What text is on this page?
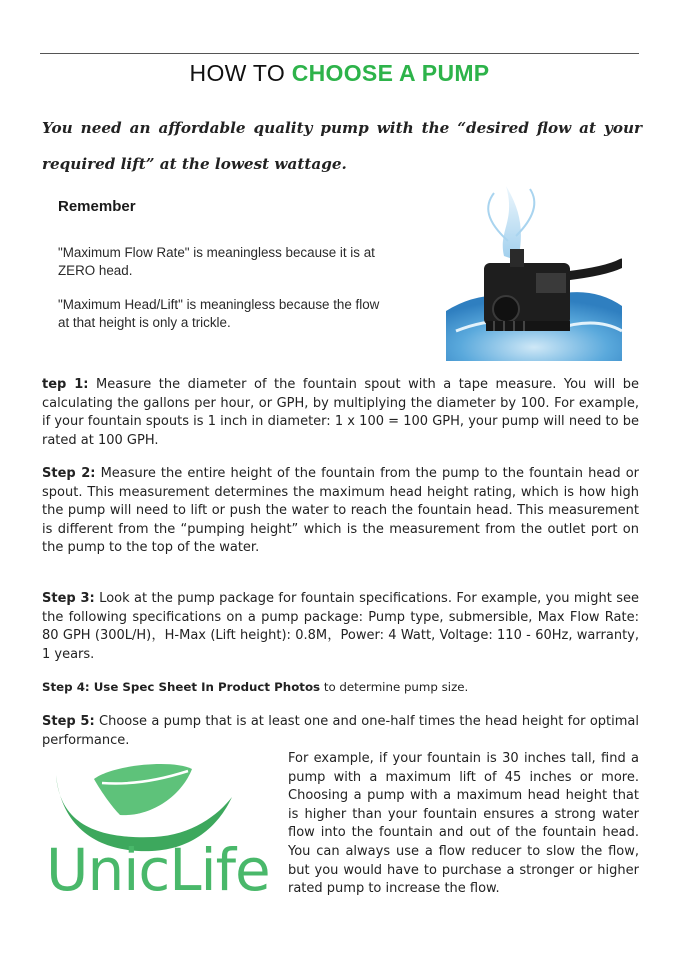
HOW TO CHOOSE A PUMP
You need an affordable quality pump with the “desired flow at your required lift” at the lowest wattage.
Remember
"Maximum Flow Rate" is meaningless because it is at ZERO head.
"Maximum Head/Lift" is meaningless because the flow at that height is only a trickle.
tep 1: Measure the diameter of the fountain spout with a tape measure. You will be calculating the gallons per hour, or GPH, by multiplying the diameter by 100. For example, if your fountain spouts is 1 inch in diameter: 1 x 100 = 100 GPH, your pump will need to be rated at 100 GPH.
Step 2: Measure the entire height of the fountain from the pump to the fountain head or spout. This measurement determines the maximum head height rating, which is how high the pump will need to lift or push the water to reach the fountain head. This measurement is different from the “pumping height” which is the measurement from the outlet port on the pump to the top of the water.
Step 3: Look at the pump package for fountain specifications. For example, you might see the following specifications on a pump package: Pump type, submersible, Max Flow Rate: 80 GPH (300L/H)，H-Max (Lift height): 0.8M，Power: 4 Watt, Voltage: 110 - 60Hz, warranty, 1 years.
Step 4: Use Spec Sheet In Product Photos to determine pump size.
Step 5: Choose a pump that is at least one and one-half times the head height for optimal performance.
For example, if your fountain is 30 inches tall, find a pump with a maximum lift of 45 inches or more. Choosing a pump with a maximum head height that is higher than your fountain ensures a strong water flow into the fountain and out of the fountain head. You can always use a flow reducer to slow the flow, but you would have to purchase a stronger or higher rated pump to increase the flow.
UnicLife
